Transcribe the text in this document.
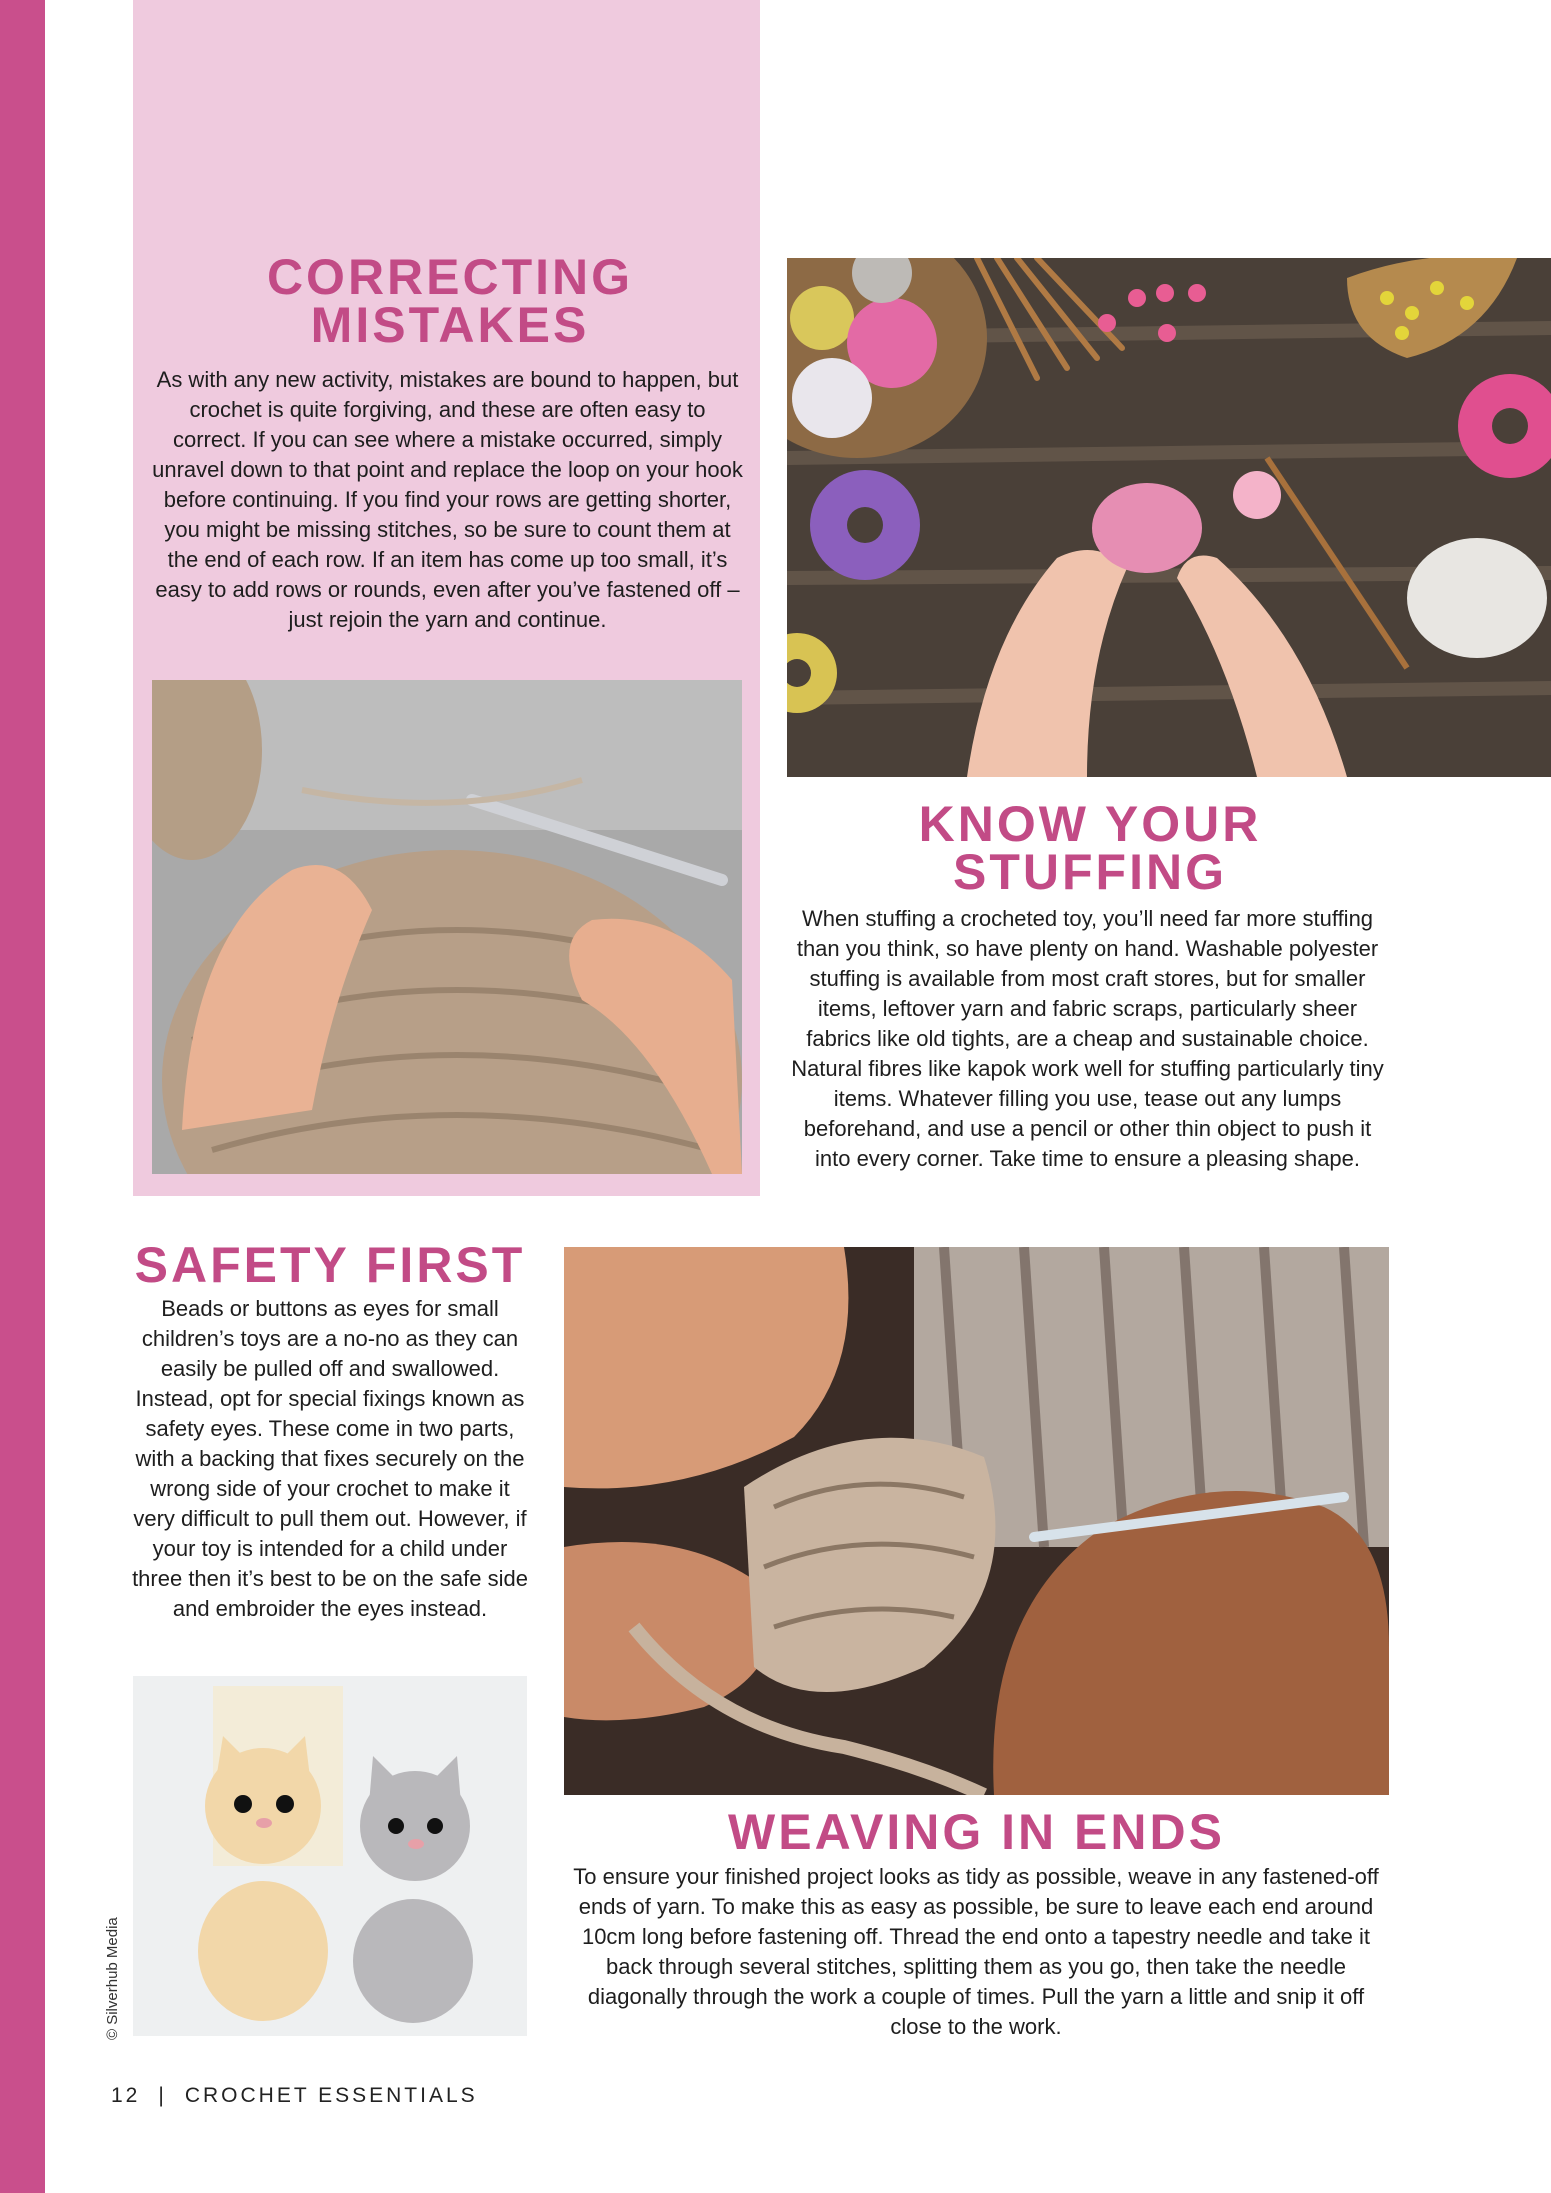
CORRECTING MISTAKES
As with any new activity, mistakes are bound to happen, but crochet is quite forgiving, and these are often easy to correct. If you can see where a mistake occurred, simply unravel down to that point and replace the loop on your hook before continuing. If you find your rows are getting shorter, you might be missing stitches, so be sure to count them at the end of each row. If an item has come up too small, it’s easy to add rows or rounds, even after you’ve fastened off – just rejoin the yarn and continue.
KNOW YOUR STUFFING
When stuffing a crocheted toy, you’ll need far more stuffing than you think, so have plenty on hand. Washable polyester stuffing is available from most craft stores, but for smaller items, leftover yarn and fabric scraps, particularly sheer fabrics like old tights, are a cheap and sustainable choice. Natural fibres like kapok work well for stuffing particularly tiny items. Whatever filling you use, tease out any lumps beforehand, and use a pencil or other thin object to push it into every corner. Take time to ensure a pleasing shape.
SAFETY FIRST
Beads or buttons as eyes for small children’s toys are a no-no as they can easily be pulled off and swallowed. Instead, opt for special fixings known as safety eyes. These come in two parts, with a backing that fixes securely on the wrong side of your crochet to make it very difficult to pull them out. However, if your toy is intended for a child under three then it’s best to be on the safe side and embroider the eyes instead.
WEAVING IN ENDS
To ensure your finished project looks as tidy as possible, weave in any fastened-off ends of yarn. To make this as easy as possible, be sure to leave each end around 10cm long before fastening off. Thread the end onto a tapestry needle and take it back through several stitches, splitting them as you go, then take the needle diagonally through the work a couple of times. Pull the yarn a little and snip it off close to the work.
© Silverhub Media
12 | CROCHET ESSENTIALS
